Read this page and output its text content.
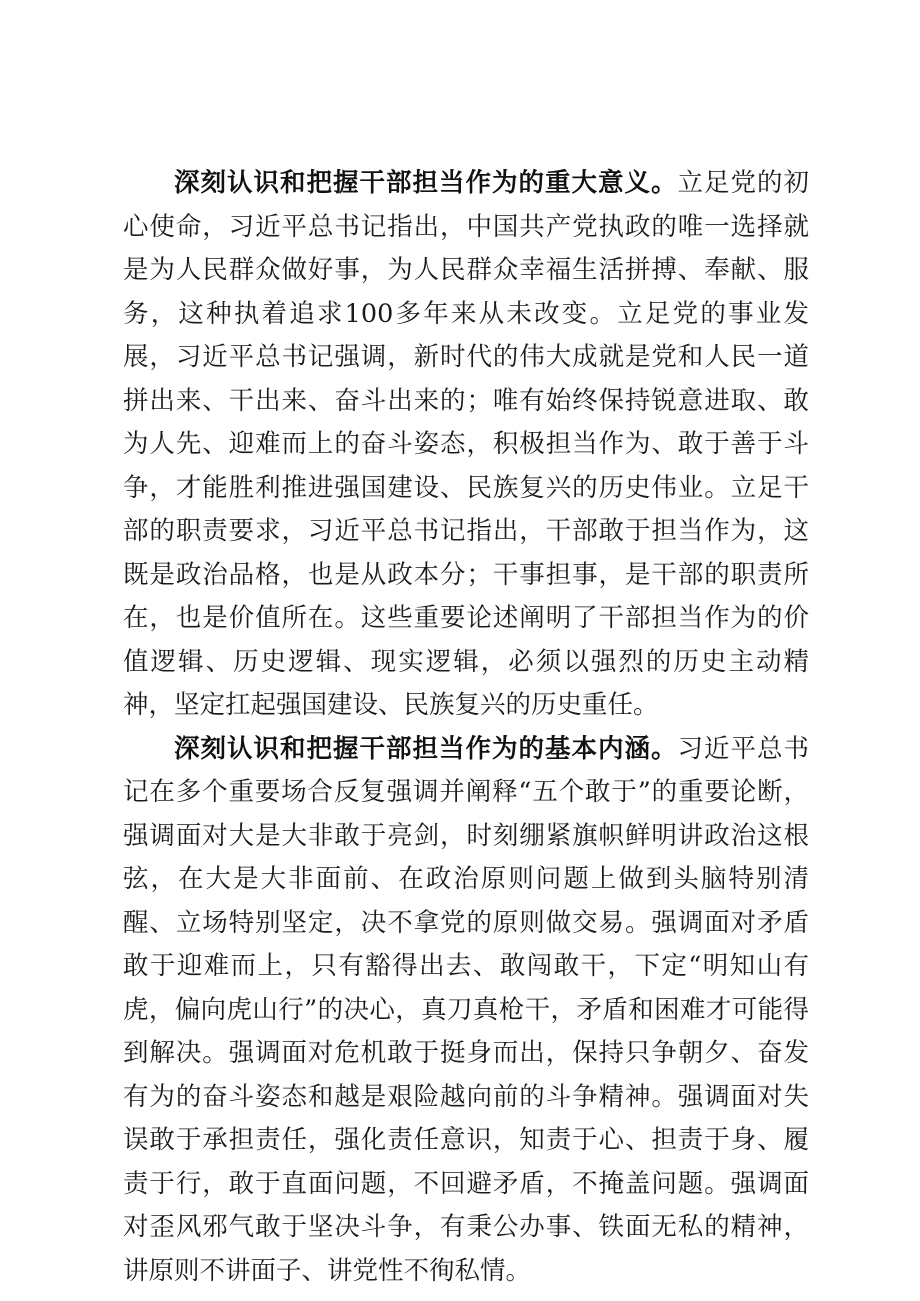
深刻认识和把握干部担当作为的重大意义。立足党的初心使命，习近平总书记指出，中国共产党执政的唯一选择就是为人民群众做好事，为人民群众幸福生活拼搏、奉献、服务，这种执着追求100多年来从未改变。立足党的事业发展，习近平总书记强调，新时代的伟大成就是党和人民一道拼出来、干出来、奋斗出来的；唯有始终保持锐意进取、敢为人先、迎难而上的奋斗姿态，积极担当作为、敢于善于斗争，才能胜利推进强国建设、民族复兴的历史伟业。立足干部的职责要求，习近平总书记指出，干部敢于担当作为，这既是政治品格，也是从政本分；干事担事，是干部的职责所在，也是价值所在。这些重要论述阐明了干部担当作为的价值逻辑、历史逻辑、现实逻辑，必须以强烈的历史主动精神，坚定扛起强国建设、民族复兴的历史重任。

深刻认识和把握干部担当作为的基本内涵。习近平总书记在多个重要场合反复强调并阐释“五个敢于”的重要论断，强调面对大是大非敢于亮剑，时刻绷紧旗帜鲜明讲政治这根弦，在大是大非面前、在政治原则问题上做到头脑特别清醒、立场特别坚定，决不拿党的原则做交易。强调面对矛盾敢于迎难而上，只有豁得出去、敢闯敢干，下定“明知山有虎，偏向虎山行”的决心，真刀真枪干，矛盾和困难才可能得到解决。强调面对危机敢于挺身而出，保持只争朝夕、奋发有为的奋斗姿态和越是艰险越向前的斗争精神。强调面对失误敢于承担责任，强化责任意识，知责于心、担责于身、履责于行，敢于直面问题，不回避矛盾，不掩盖问题。强调面对歪风邪气敢于坚决斗争，有秉公办事、铁面无私的精神，讲原则不讲面子、讲党性不徇私情。
